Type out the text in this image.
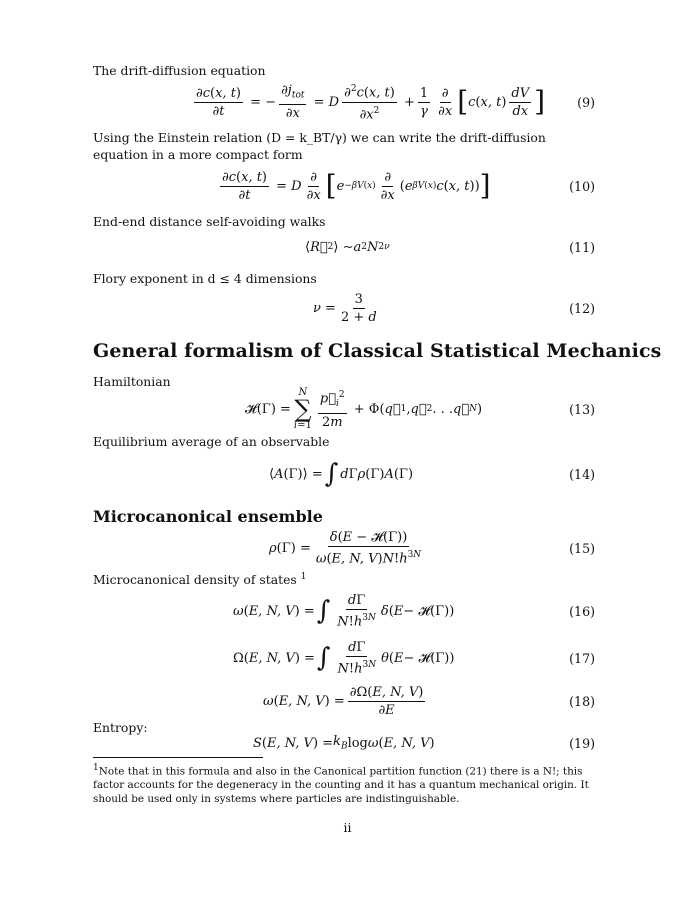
The drift-diffusion equation
$\frac{\partial c(x, t)}{\partial t}$ = − $\frac{\partial j_{tot}}{\partial x} = D \frac{\partial^2c(x, t)}{\partial x^2} + \frac{1}{\gamma} \frac{\partial}{\partial x}$ [ c ( x, t ) $\frac{dV}{dx}$ ]	(9)
Using the Einstein relation (D = k_BT/γ) we can write the drift-diffusion equation in a more compact form
$\frac{\partial c(x, t)}{\partial t} = D \frac{\partial}{\partial x}$ [ $e -\beta V(x) \frac{\partial}{\partial x}$ ( e βV(x) c ( x, t )) ]	(10)
End-end distance self-avoiding walks
⟨ R⃗ 2 ⟩ ∼ a 2 N 2ν	(11)
Flory exponent in d ≤ 4 dimensions
$\nu = \frac{3}{2 + d}$	(12)
General formalism of Classical Statistical Mechanics
Hamiltonian
𝓗(Γ) =
N
∑
$i=1 \frac{p⃗_i^2}{2m} + \Phi$( q⃗ 1 , q⃗ 2 . . . q⃗ N )	(13)
Equilibrium average of an observable
⟨ A (Γ)⟩ = ∫ d Γ ρ (Γ) A (Γ)	(14)
Microcanonical ensemble
ρ $(\Gamma) = \frac{\text{δ(E − 𝓗(Γ))}}{\omega(E, N, V)N!h^{3N}}$	(15)
Microcanonical density of states $^1$
ω ( E, N, V ) = ∫ $\frac{d\Gamma}{N!h^{3N}}$ δ ( E − 𝓗(Γ))	(16)
Ω( E, N, V ) = ∫ $\frac{d\Gamma}{N!h^{3N}}$ θ ( E − 𝓗(Γ))	(17)
ω ( E, N, V ) = $\frac{\partial\Omega(E, N, V)}{\partial E}$	(18)
Entropy:
S ( E, N, V ) = $k_B$ log ω ( E, N, V )	(19)
$^1$Note that in this formula and also in the Canonical partition function (21) there is a N!; this factor accounts for the degeneracy in the counting and it has a quantum mechanical origin. It should be used only in systems where particles are indistinguishable.
ii
